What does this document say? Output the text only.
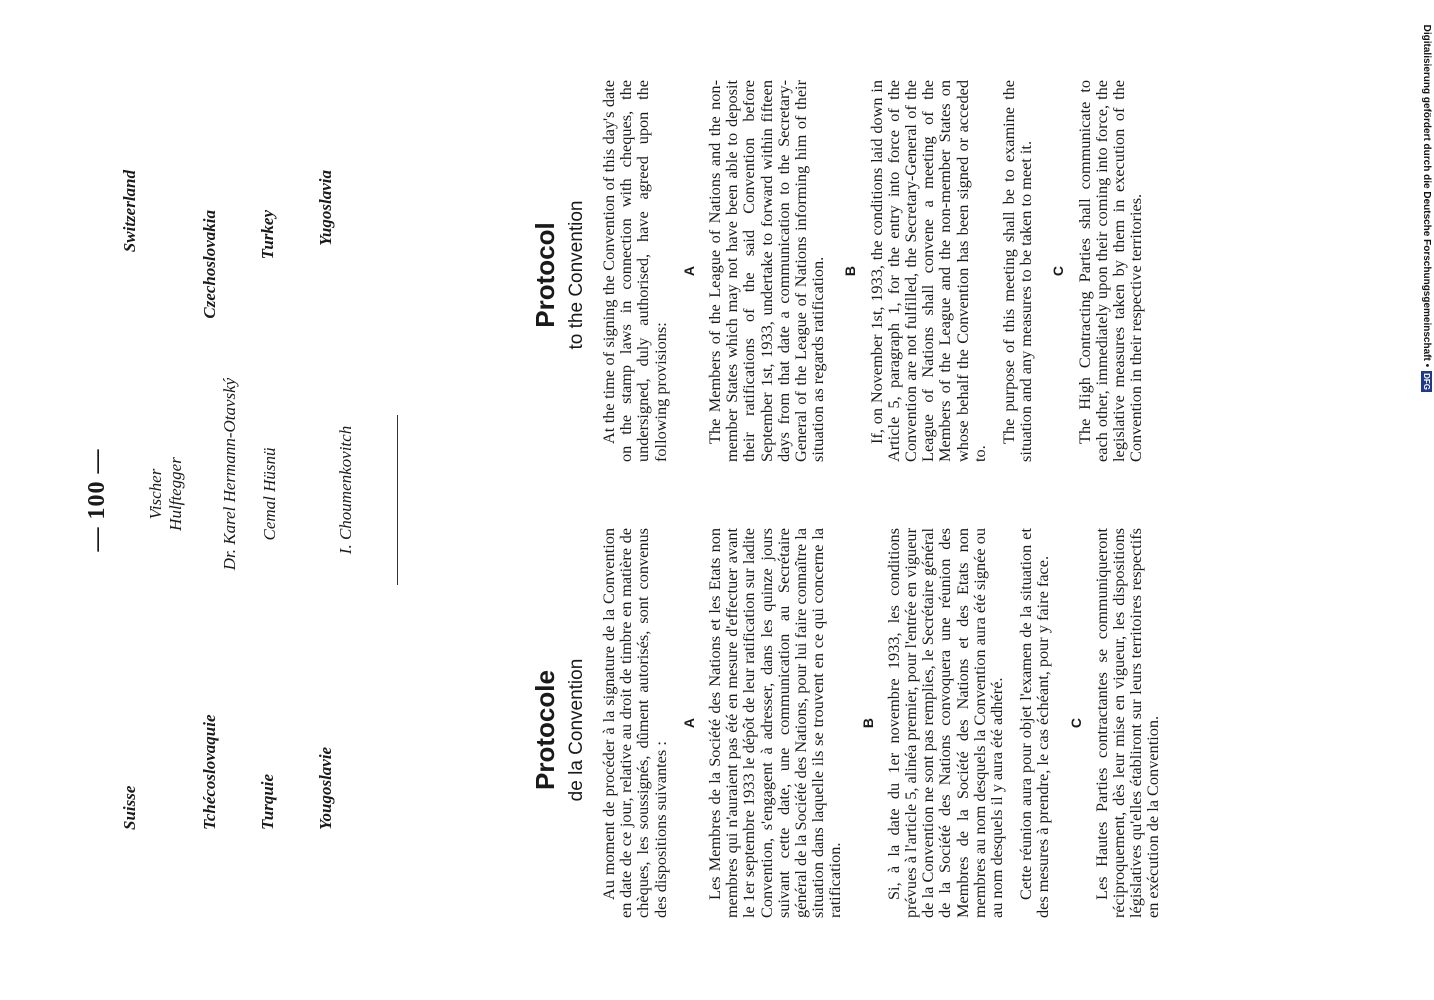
— 100 —
Suisse
Vischer Hulftegger
Switzerland
Tchécoslovaquie
Dr. Karel Hermann-Otavský
Czechoslovakia
Turquie
Cemal Hüsnü
Turkey
Yougoslavie
I. Choumenkovitch
Yugoslavia
Protocole de la Convention Au moment de procéder à la signature de la Convention en date de ce jour, relative au droit de timbre en matière de chèques, les soussignés, dûment autorisés, sont convenus des dispositions suivantes :

A Les Membres de la Société des Nations et les Etats non membres qui n'auraient pas été en mesure d'effectuer avant le 1er septembre 1933 le dépôt de leur ratification sur ladite Convention, s'engagent à adresser, dans les quinze jours suivant cette date, une communication au Secrétaire général de la Société des Nations, pour lui faire connaître la situation dans laquelle ils se trouvent en ce qui concerne la ratification.

B Si, à la date du 1er novembre 1933, les conditions prévues à l'article 5, alinéa premier, pour l'entrée en vigueur de la Convention ne sont pas remplies, le Secrétaire général de la Société des Nations convoquera une réunion des Membres de la Société des Nations et des Etats non membres au nom desquels la Convention aura été signée ou au nom desquels il y aura été adhéré. Cette réunion aura pour objet l'examen de la situation et des mesures à prendre, le cas échéant, pour y faire face. C Les Hautes Parties contractantes se communiqueront réciproquement, dès leur mise en vigueur, les dispositions législatives qu'elles établiront sur leurs territoires respectifs en exécution de la Convention.

Protocol to the Convention At the time of signing the Convention of this day's date on the stamp laws in connection with cheques, the undersigned, duly authorised, have agreed upon the following provisions:

A The Members of the League of Nations and the non-member States which may not have been able to deposit their ratifications of the said Convention before September 1st, 1933, undertake to forward within fifteen days from that date a communication to the Secretary-General of the League of Nations informing him of their situation as regards ratification. B If, on November 1st, 1933, the conditions laid down in Article 5, paragraph 1, for the entry into force of the Convention are not fulfilled, the Secretary-General of the League of Nations shall convene a meeting of the Members of the League and the non-member States on whose behalf the Convention has been signed or acceded to.

The purpose of this meeting shall be to examine the situation and any measures to be taken to meet it. C The High Contracting Parties shall communicate to each other, immediately upon their coming into force, the legislative measures taken by them in execution of the Convention in their respective territories.	Digitalisierung gefördert durch die Deutsche Forschungsgemeinschaft •
DFG
